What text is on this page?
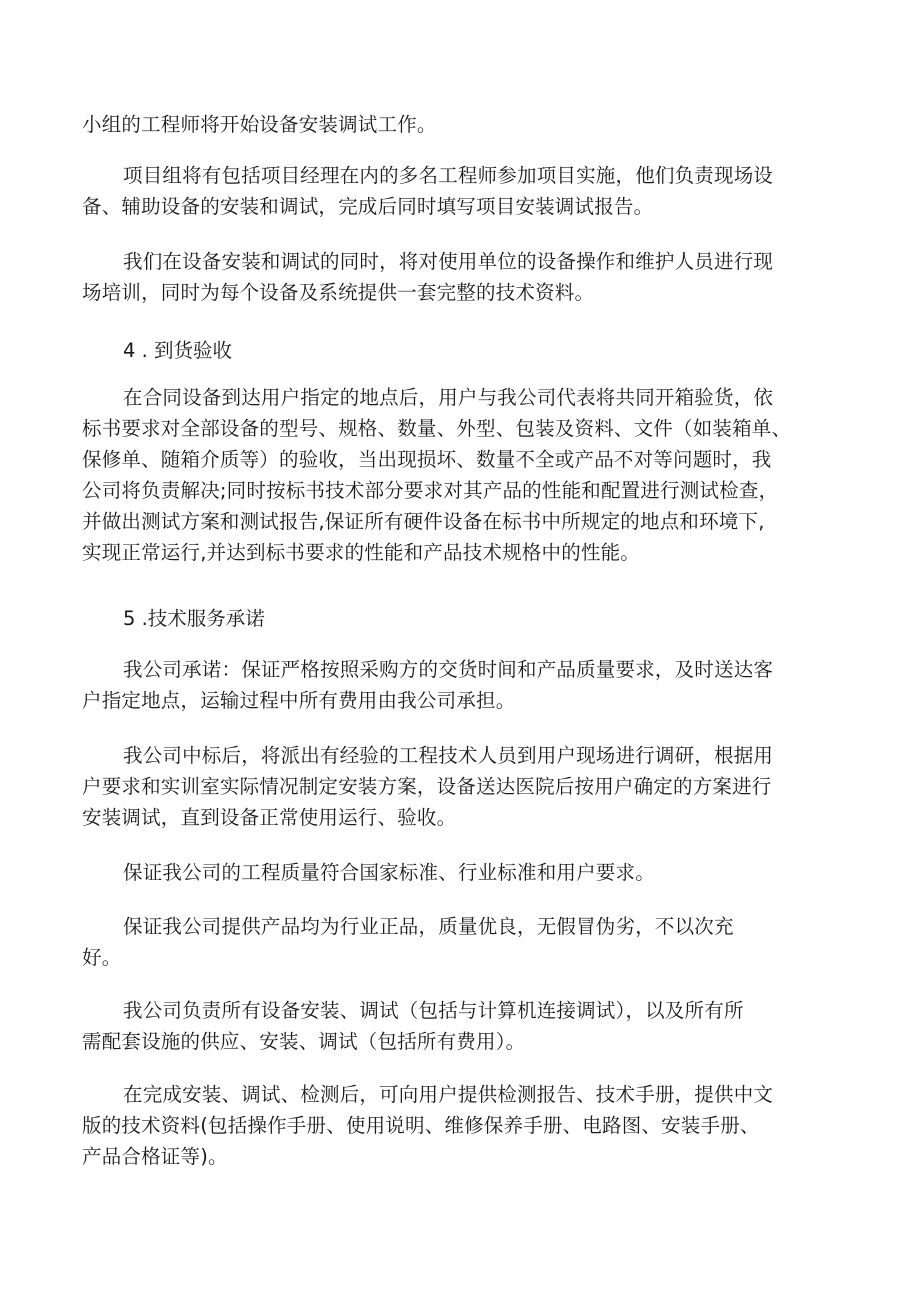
小组的工程师将开始设备安装调试工作。

项目组将有包括项目经理在内的多名工程师参加项目实施，他们负责现场设
备、辅助设备的安装和调试，完成后同时填写项目安装调试报告。

我们在设备安装和调试的同时，将对使用单位的设备操作和维护人员进行现
场培训，同时为每个设备及系统提供一套完整的技术资料。

4 . 到货验收

在合同设备到达用户指定的地点后，用户与我公司代表将共同开箱验货，依
标书要求对全部设备的型号、规格、数量、外型、包装及资料、文件（如装箱单、
保修单、随箱介质等）的验收，当出现损坏、数量不全或产品不对等问题时，我
公司将负责解决;同时按标书技术部分要求对其产品的性能和配置进行测试检查，
并做出测试方案和测试报告,保证所有硬件设备在标书中所规定的地点和环境下,
实现正常运行,并达到标书要求的性能和产品技术规格中的性能。

5 .技术服务承诺

我公司承诺：保证严格按照采购方的交货时间和产品质量要求，及时送达客
户指定地点，运输过程中所有费用由我公司承担。

我公司中标后，将派出有经验的工程技术人员到用户现场进行调研，根据用
户要求和实训室实际情况制定安装方案，设备送达医院后按用户确定的方案进行
安装调试，直到设备正常使用运行、验收。

保证我公司的工程质量符合国家标准、行业标准和用户要求。

保证我公司提供产品均为行业正品，质量优良，无假冒伪劣，不以次充
好。

我公司负责所有设备安装、调试（包括与计算机连接调试），以及所有所
需配套设施的供应、安装、调试（包括所有费用）。

在完成安装、调试、检测后，可向用户提供检测报告、技术手册，提供中文
版的技术资料(包括操作手册、使用说明、维修保养手册、电路图、安装手册、
产品合格证等)。
